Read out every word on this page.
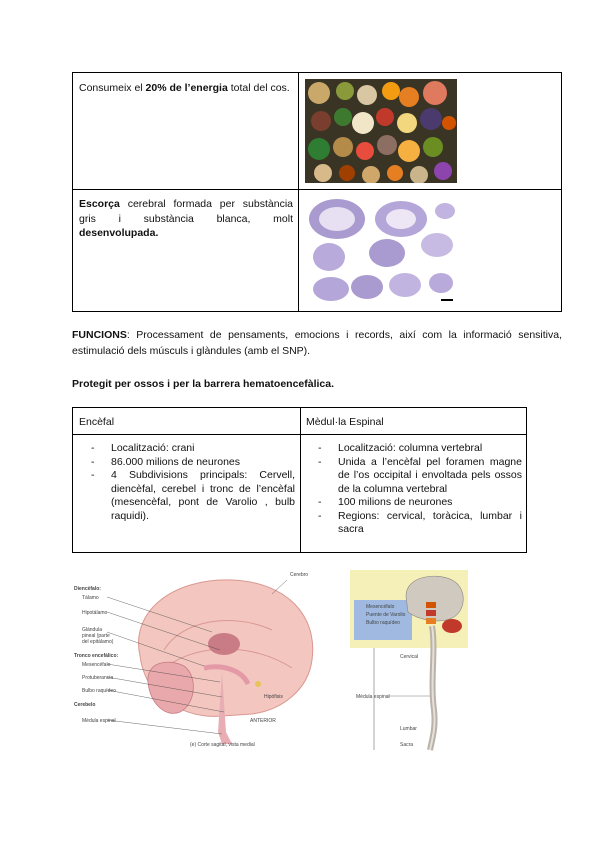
Consumeix el 20% de l’energia total del cos.
Escorça cerebral formada per substància gris i substància blanca, molt desenvolupada.
FUNCIONS: Processament de pensaments, emocions i records, així com la informació sensitiva, estimulació dels músculs i glàndules (amb el SNP).
Protegit per ossos i per la barrera hematoencefàlica.
Encèfal	Mèdul·la Espinal
- Localització: crani
- 86.000 milions de neurones
- 4 Subdivisions principals: Cervell, diencèfal, cerebel i tronc de l’encèfal (mesencèfal, pont de Varolio , bulb raquidi).
- Localització: columna vertebral
- Unida a l’encèfal pel foramen magne de l’os occipital i envoltada pels ossos de la columna vertebral
- 100 milions de neurones
- Regions: cervical, toràcica, lumbar i sacra
Diencèfalo:
Tálamo
Hipotálamo
Glándula pineal (parte del epitálamo)
Tronco encefálico:
Mesencéfalo
Protuberancia
Bulbo raquídeo
Cerebelo
Médula espinal
Cerebro
Hipófisis
ANTERIOR
(e) Corte sagital, vista medial
Mesencéfalo
Puente de Varolio
Bulbo raquídeo
Cervical
Médula espinal
Lumbar
Sacra
